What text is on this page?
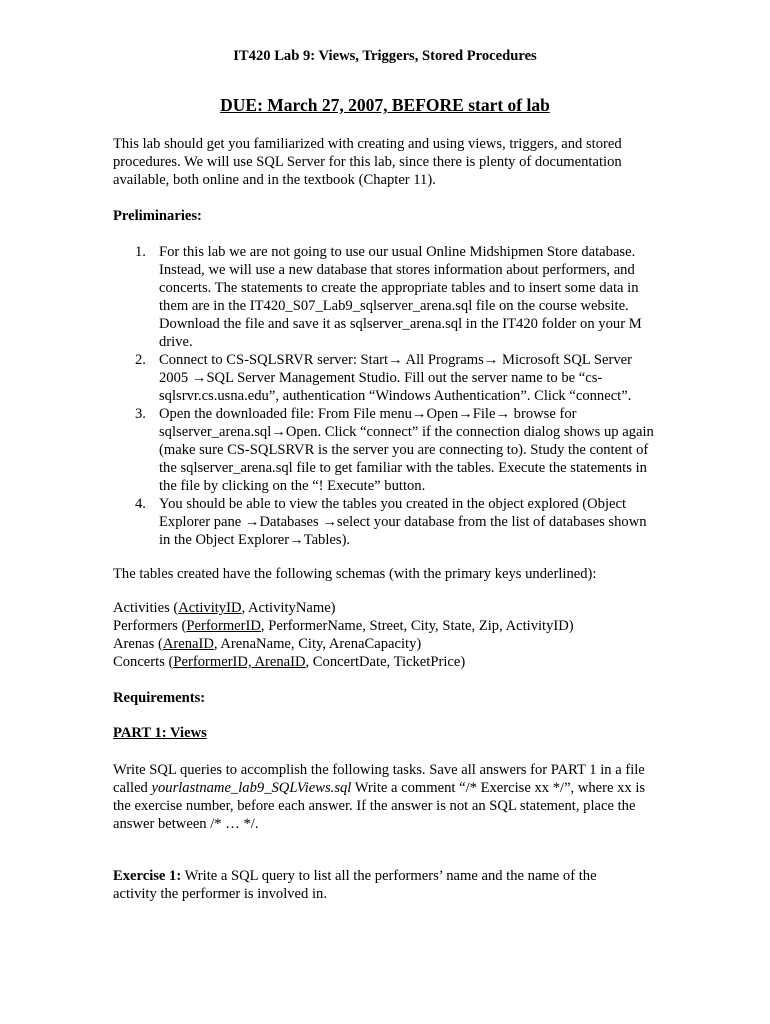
IT420 Lab 9: Views, Triggers, Stored Procedures
DUE: March 27, 2007, BEFORE start of lab
This lab should get you familiarized with creating and using views, triggers, and stored procedures. We will use SQL Server for this lab, since there is plenty of documentation available, both online and in the textbook (Chapter 11).
Preliminaries:
1. For this lab we are not going to use our usual Online Midshipmen Store database. Instead, we will use a new database that stores information about performers, and concerts. The statements to create the appropriate tables and to insert some data in them are in the IT420_S07_Lab9_sqlserver_arena.sql file on the course website. Download the file and save it as sqlserver_arena.sql in the IT420 folder on your M drive.
2. Connect to CS-SQLSRVR server: Start→ All Programs→ Microsoft SQL Server 2005 →SQL Server Management Studio. Fill out the server name to be “cs-sqlsrvr.cs.usna.edu”, authentication “Windows Authentication”. Click “connect”.
3. Open the downloaded file: From File menu→Open→File→ browse for sqlserver_arena.sql→Open. Click “connect” if the connection dialog shows up again (make sure CS-SQLSRVR is the server you are connecting to). Study the content of the sqlserver_arena.sql file to get familiar with the tables. Execute the statements in the file by clicking on the “! Execute” button.
4. You should be able to view the tables you created in the object explored (Object Explorer pane →Databases →select your database from the list of databases shown in the Object Explorer→Tables).
The tables created have the following schemas (with the primary keys underlined):
Activities (ActivityID, ActivityName)
Performers (PerformerID, PerformerName, Street, City, State, Zip, ActivityID)
Arenas (ArenaID, ArenaName, City, ArenaCapacity)
Concerts (PerformerID, ArenaID, ConcertDate, TicketPrice)
Requirements:
PART 1: Views
Write SQL queries to accomplish the following tasks. Save all answers for PART 1 in a file called yourlastname_lab9_SQLViews.sql Write a comment “/* Exercise xx */”, where xx is the exercise number, before each answer. If the answer is not an SQL statement, place the answer between /* … */.
Exercise 1: Write a SQL query to list all the performers’ name and the name of the activity the performer is involved in.
